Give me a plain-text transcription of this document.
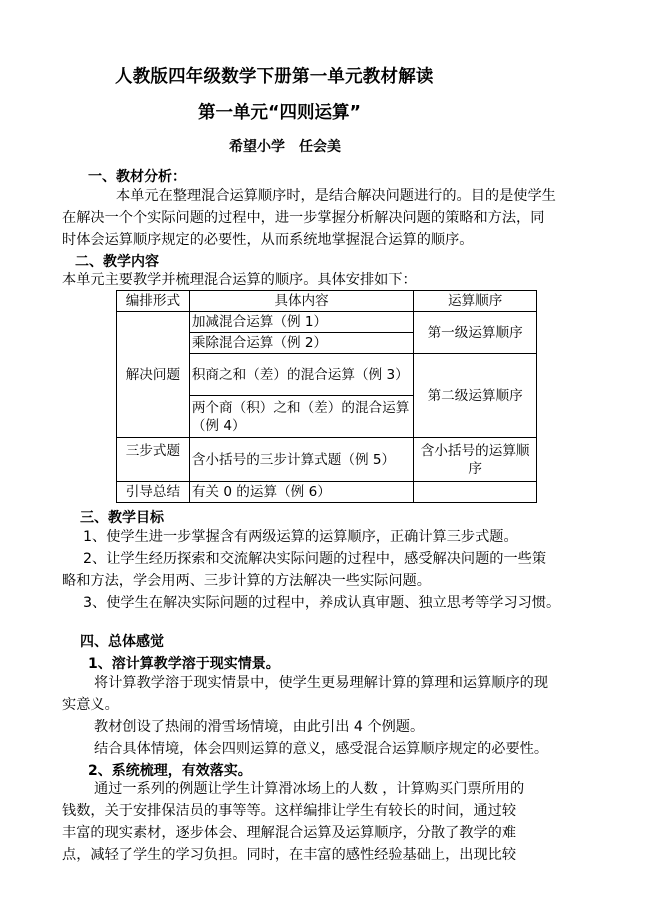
人教版四年级数学下册第一单元教材解读
第一单元“四则运算”
希望小学　任会美
一、教材分析：
本单元在整理混合运算顺序时，是结合解决问题进行的。目的是使学生
在解决一个个实际问题的过程中，进一步掌握分析解决问题的策略和方法，同
时体会运算顺序规定的必要性，从而系统地掌握混合运算的顺序。
二、教学内容
本单元主要教学并梳理混合运算的顺序。具体安排如下：
编排形式	具体内容	运算顺序
解决问题	加减混合运算（例 1）	第一级运算顺序
	乘除混合运算（例 2）	
	积商之和（差）的混合运算（例 3）	第二级运算顺序
	两个商（积）之和（差）的混合运算（例 4）	
三步式题	含小括号的三步计算式题（例 5）	含小括号的运算顺序
引导总结	有关 0 的运算（例 6）	
三、教学目标
1、使学生进一步掌握含有两级运算的运算顺序，正确计算三步式题。
2、让学生经历探索和交流解决实际问题的过程中，感受解决问题的一些策
略和方法，学会用两、三步计算的方法解决一些实际问题。
3、使学生在解决实际问题的过程中，养成认真审题、独立思考等学习习惯。
四、总体感觉
1、溶计算教学溶于现实情景。
将计算教学溶于现实情景中，使学生更易理解计算的算理和运算顺序的现
实意义。
教材创设了热闹的滑雪场情境，由此引出 4 个例题。
结合具体情境，体会四则运算的意义，感受混合运算顺序规定的必要性。
2、系统梳理，有效落实。
通过一系列的例题让学生计算滑冰场上的人数 ，计算购买门票所用的
钱数，关于安排保洁员的事等等。这样编排让学生有较长的时间，通过较
丰富的现实素材，逐步体会、理解混合运算及运算顺序，分散了教学的难
点，减轻了学生的学习负担。同时，在丰富的感性经验基础上，出现比较
